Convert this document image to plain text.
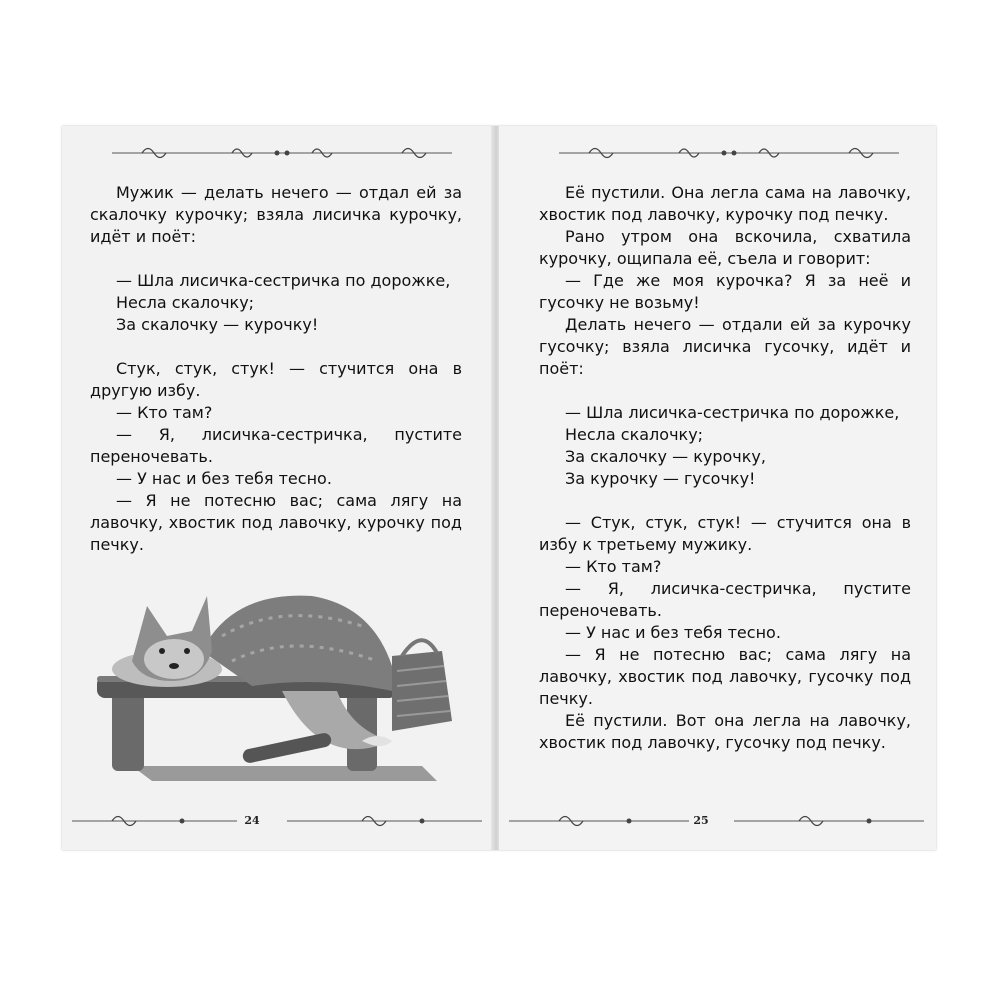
Мужик — делать нечего — отдал ей за скалочку курочку; взяла лисичка курочку, идёт и поёт:

— Шла лисичка-сестричка по дорожке,

Несла скалочку;

За скалочку — курочку!

Стук, стук, стук! — стучится она в другую избу.

— Кто там?

— Я, лисичка-сестричка, пустите переночевать.

— У нас и без тебя тесно.

— Я не потесню вас; сама лягу на лавочку, хвостик под лавочку, курочку под печку.

24

Её пустили. Она легла сама на лавочку, хвостик под лавочку, курочку под печку.

Рано утром она вскочила, схватила курочку, ощипала её, съела и говорит:

— Где же моя курочка? Я за неё и гусочку не возьму!

Делать нечего — отдали ей за курочку гусочку; взяла лисичка гусочку, идёт и поёт:

— Шла лисичка-сестричка по дорожке,

Несла скалочку;

За скалочку — курочку,

За курочку — гусочку!

— Стук, стук, стук! — стучится она в избу к третьему мужику.

— Кто там?

— Я, лисичка-сестричка, пустите переночевать.

— У нас и без тебя тесно.

— Я не потесню вас; сама лягу на лавочку, хвостик под лавочку, гусочку под печку.

Её пустили. Вот она легла на лавочку, хвостик под лавочку, гусочку под печку.

25
